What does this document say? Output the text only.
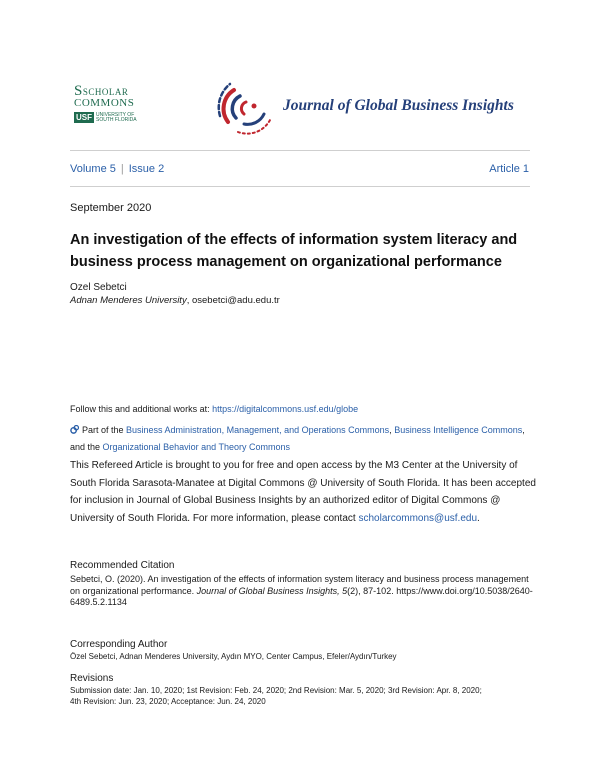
SSCHOLAR
COMMONS
USF UNIVERSITY OF
SOUTH FLORIDA
Journal of Global Business Insights
Volume 5 | Issue 2	Article 1
September 2020
An investigation of the effects of information system literacy and business process management on organizational performance
Ozel Sebetci
Adnan Menderes University, osebetci@adu.edu.tr
Follow this and additional works at: https://digitalcommons.usf.edu/globe
Part of the Business Administration, Management, and Operations Commons, Business Intelligence Commons, and the Organizational Behavior and Theory Commons
This Refereed Article is brought to you for free and open access by the M3 Center at the University of South Florida Sarasota-Manatee at Digital Commons @ University of South Florida. It has been accepted for inclusion in Journal of Global Business Insights by an authorized editor of Digital Commons @ University of South Florida. For more information, please contact scholarcommons@usf.edu.
Recommended Citation
Sebetci, O. (2020). An investigation of the effects of information system literacy and business process management on organizational performance. Journal of Global Business Insights, 5(2), 87-102. https://www.doi.org/10.5038/2640-6489.5.2.1134
Corresponding Author
Özel Sebetci, Adnan Menderes University, Aydın MYO, Center Campus, Efeler/Aydın/Turkey
Revisions
Submission date: Jan. 10, 2020; 1st Revision: Feb. 24, 2020; 2nd Revision: Mar. 5, 2020; 3rd Revision: Apr. 8, 2020;
4th Revision: Jun. 23, 2020; Acceptance: Jun. 24, 2020
